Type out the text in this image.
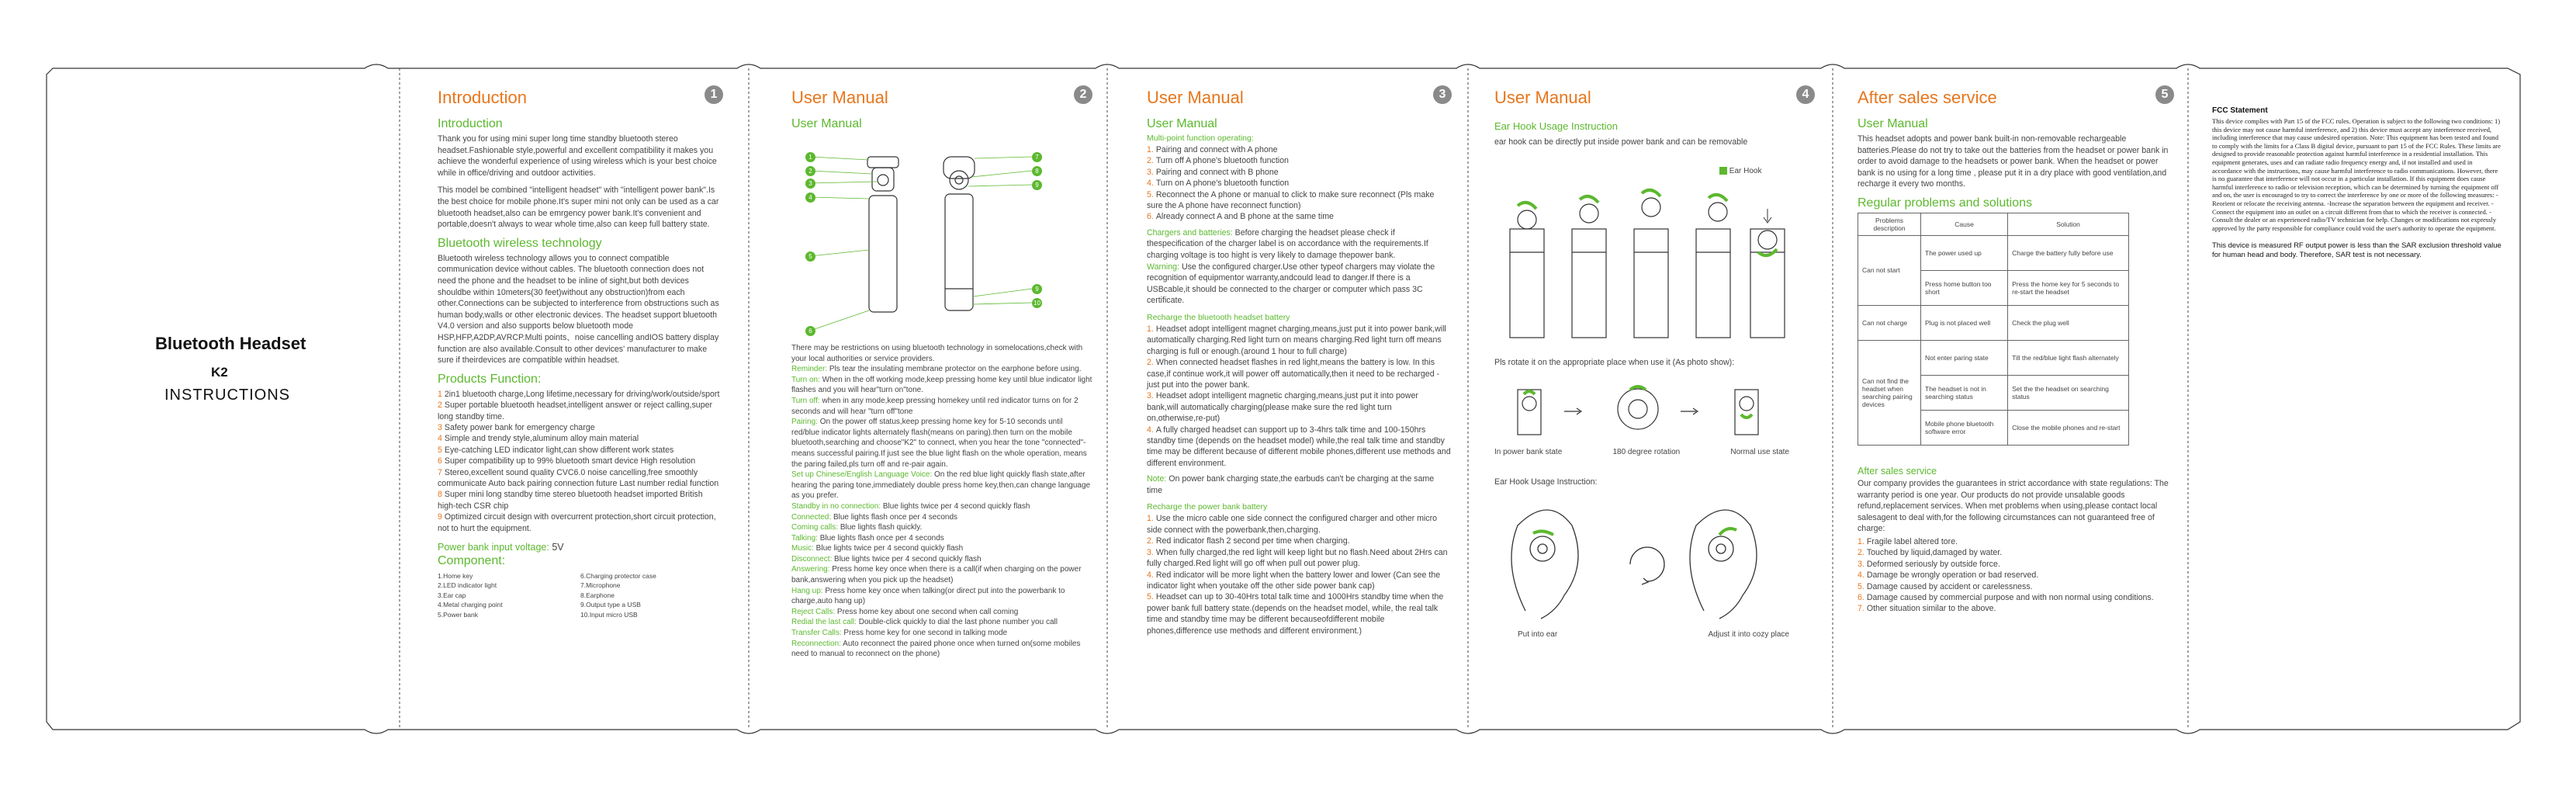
Bluetooth Headset
K2
INSTRUCTIONS
Introduction	1
Introduction

Thank you for using mini super long time standby bluetooth stereo headset.Fashionable style,powerful and excellent compatibility it makes you achieve the wonderful experience of using wireless which is your best choice while in office/driving and outdoor activities.

This model be combined "intelligent headset" with "intelligent power bank".Is the best choice for mobile phone.It's super mini not only can be used as a car bluetooth headset,also can be emrgency power bank.It's convenient and portable,doesn't always to wear whole time,also can keep full battery state.

Bluetooth wireless technology

Bluetooth wireless technology allows you to connect compatible communication device without cables. The bluetooth connection does not need the phone and the headset to be inline of sight,but both devices shouldbe within 10meters(30 feet)without any obstruction)from each other.Connections can be subjected to interference from obstructions such as human body,walls or other electronic devices. The headset support bluetooth V4.0 version and also supports below bluetooth mode HSP,HFP,A2DP,AVRCP.Multi points、noise cancelling andIOS battery display function are also available.Consult to other devices' manufacturer to make sure if theirdevices are compatible within headset.

Products Function:
1 2in1 bluetooth charge,Long lifetime,necessary for driving/work/outside/sport
2 Super portable bluetooth headset,intelligent answer or reject calling,super long standby time.
3 Safety power bank for emergency charge
4 Simple and trendy style,aluminum alloy main material
5 Eye-catching LED indicator light,can show different work states
6 Super compatibility up to 99% bluetooth smart device High resolution
7 Stereo,excellent sound quality CVC6.0 noise cancelling,free smoothly communicate Auto back pairing connection future Last number redial function
8 Super mini long standby time stereo bluetooth headset imported British high-tech CSR chip
9 Optimized circuit design with overcurrent protection,short circuit protection, not to hurt the equipment.
Power bank input voltage: 5V
Component:
1.Home key	6.Charging protector case
2.LED indicator light	7.Microphone
3.Ear cap	8.Earphone
4.Metal charging point	9.Output type a USB
5.Power bank	10.Input micro USB
User Manual	2
User Manual
1
2
3
4
5
6
7
8
9
9
10
There may be restrictions on using bluetooth technology in somelocations,check with your local authorities or service providers.
Reminder: Pls tear the insulating membrane protector on the earphone before using.
Turn on: When in the off working mode,keep pressing home key until blue indicator light flashes and you will hear"turn on"tone.
Turn off: when in any mode,keep pressing homekey until red indicator turns on for 2 seconds and will hear "turn off"tone
Pairing: On the power off status,keep pressing home key for 5-10 seconds until red/blue indicator lights alternately flash(means on paring).then turn on the mobile bluetooth,searching and choose"K2" to connect, when you hear the tone "connected"-means successful pairing.If just see the blue light flash on the whole operation, means the paring failed,pls turn off and re-pair again.
Set up Chinese/English Language Voice: On the red blue light quickly flash state,after hearing the paring tone,immediately double press home key,then,can change language as you prefer.
Standby in no connection: Blue lights twice per 4 second quickly flash
Connected: Blue lights flash once per 4 seconds
Coming calls: Blue lights flash quickly.
Talking: Blue lights flash once per 4 seconds
Music: Blue lights twice per 4 second quickly flash
Disconnect: Blue lights twice per 4 second quickly flash
Answering: Press home key once when there is a call(if when charging on the power bank,answering when you pick up the headset)
Hang up: Press home key once when talking(or direct put into the powerbank to charge,auto hang up)
Reject Calls: Press home key about one second when call coming
Redial the last call: Double-click quickly to dial the last phone number you call
Transfer Calls: Press home key for one second in talking mode
Reconnection: Auto reconnect the paired phone once when turned on(some mobiles need to manual to reconnect on the phone)
User Manual	3
User Manual
Multi-point function operating:
1. Pairing and connect with A phone
2. Turn off A phone's bluetooth function
3. Pairing and connect with B phone
4. Turn on A phone's bluetooth function
5. Reconnect the A phone or manual to click to make sure reconnect (Pls make sure the A phone have reconnect function)
6. Already connect A and B phone at the same time

Chargers and batteries: Before charging the headset please check if thespecification of the charger label is on accordance with the requirements.If charging voltage is too hight is very likely to damage thepower bank.

Warning: Use the configured charger.Use other typeof chargers may violate the recognition of equipmentor warranty,andcould lead to danger.If there is a USBcable,it should be connected to the charger or computer which pass 3C certificate.

Recharge the bluetooth headset battery
1. Headset adopt intelligent magnet charging,means,just put it into power bank,will automatically charging.Red light turn on means charging.Red light turn off means charging is full or enough.(around 1 hour to full charge)
2. When connected headset flashes in red light,means the battery is low. In this case,if continue work,it will power off automatically,then it need to be recharged - just put into the power bank.
3. Headset adopt intelligent magnetic charging,means,just put it into power bank,will automatically charging(please make sure the red light turn on,otherwise,re-put)
4. A fully charged headset can support up to 3-4hrs talk time and 100-150hrs standby time (depends on the headset model) while,the real talk time and standby time may be different because of different mobile phones,different use methods and different environment.

Note: On power bank charging state,the earbuds can't be charging at the same time

Recharge the power bank battery
1. Use the micro cable one side connect the configured charger and other micro side connect with the powerbank,then,charging.
2. Red indicator flash 2 second per time when charging.
3. When fully charged,the red light will keep light but no flash.Need about 2Hrs can fully charged.Red light will go off when pull out power plug.
4. Red indicator will be more light when the battery lower and lower (Can see the indicator light when youtake off the other side power bank cap)
5. Headset can up to 30-40Hrs total talk time and 1000Hrs standby time when the power bank full battery state.(depends on the headset model, while, the real talk time and standby time may be different becauseofdifferent mobile phones,difference use methods and different environment.)
User Manual	4
Ear Hook Usage Instruction

ear hook can be directly put inside power bank and can be removable

Ear Hook

Pls rotate it on the appropriate place when use it (As photo show):

In power bank state	180 degree rotation	Normal use state

Ear Hook Usage Instruction:

Put into ear	Adjust it into cozy place
After sales service	5
User Manual

This headset adopts and power bank built-in non-removable rechargeable batteries.Please do not try to take out the batteries from the headset or power bank in order to avoid damage to the headsets or power bank. When the headset or power bank is no using for a long time , please put it in a dry place with good ventilation,and recharge it every two months.

Regular problems and solutions
Problems description	Cause	Solution
Can not start	The power used up	Charge the battery fully before use
	Press home button too short	Press the home key for 5 seconds to re-start the headset
Can not charge	Plug is not placed well	Check the plug well
Can not find the headset when searching pairing devices	Not enter paring state	Till the red/blue light flash alternately
	The headset is not in searching status	Set the the headset on searching status
	Mobile phone bluetooth software error	Close the mobile phones and re-start
After sales service

Our company provides the guarantees in strict accordance with state regulations: The warranty period is one year. Our products do not provide unsalable goods refund,replacement services. When met problems when using,please contact local salesagent to deal with,for the following circumstances can not guaranteed free of charge:

1. Fragile label altered tore.
2. Touched by liquid,damaged by water.
3. Deformed seriously by outside force.
4. Damage be wrongly operation or bad reserved.
5. Damage caused by accident or carelessness.
6. Damage caused by commercial purpose and with non normal using conditions.
7. Other situation similar to the above.
FCC Statement

This device complies with Part 15 of the FCC rules. Operation is subject to the following two conditions: 1) this device may not cause harmful interference, and 2) this device must accept any interference received, including interference that may cause undesired operation. Note: This equipment has been tested and found to comply with the limits for a Class B digital device, pursuant to part 15 of the FCC Rules. These limits are designed to provide reasonable protection against harmful interference in a residential installation. This equipment generates, uses and can radiate radio frequency energy and, if not installed and used in accordance with the instructions, may cause harmful interference to radio communications. However, there is no guarantee that interference will not occur in a particular installation. If this equipment does cause harmful interference to radio or television reception, which can be determined by turning the equipment off and on, the user is encouraged to try to correct the interference by one or more of the following measures: -Reorient or relocate the receiving antenna. -Increase the separation between the equipment and receiver. -Connect the equipment into an outlet on a circuit different from that to which the receiver is connected. -Consult the dealer or an experienced radio/TV technician for help. Changes or modifications not expressly approved by the party responsible for compliance could void the user's authority to operate the equipment.

This device is measured RF output power is less than the SAR exclusion threshold value for human head and body. Therefore, SAR test is not necessary.
